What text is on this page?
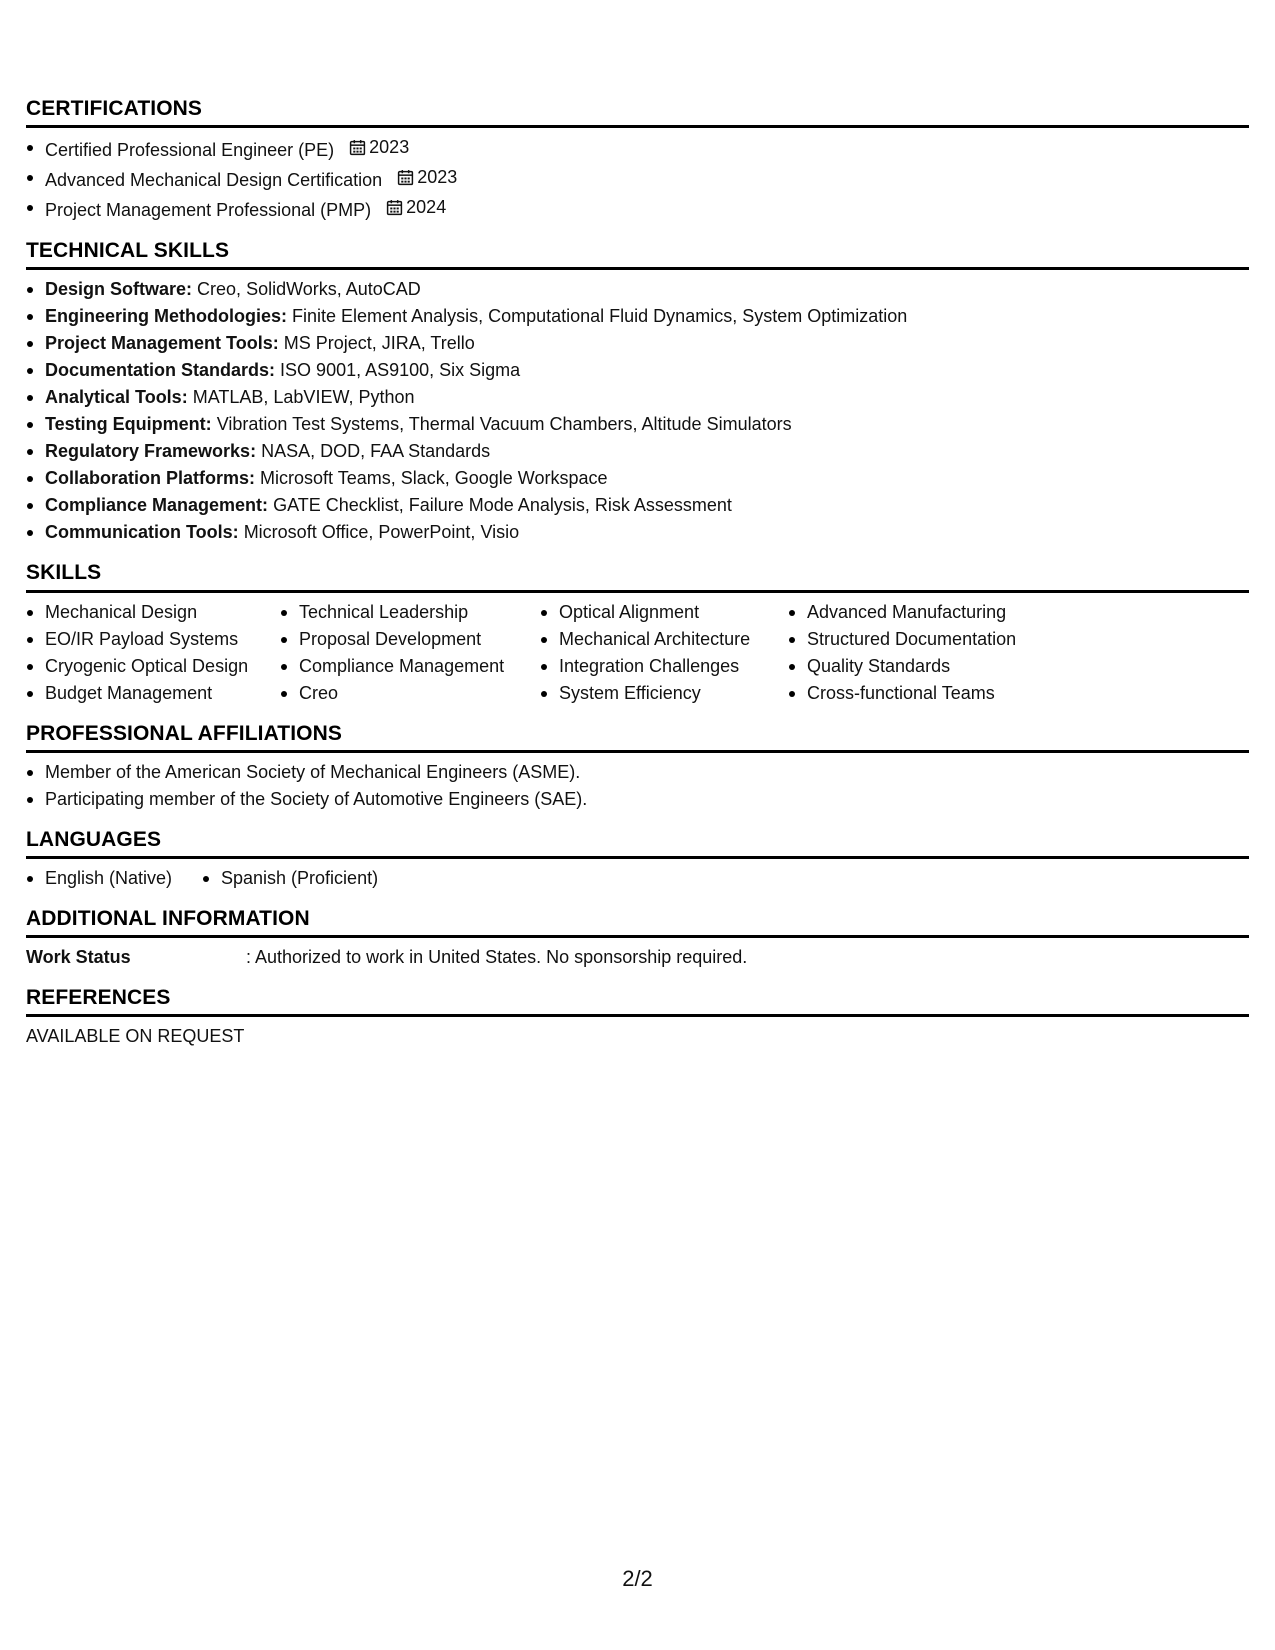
CERTIFICATIONS
Certified Professional Engineer (PE) 2023
Advanced Mechanical Design Certification 2023
Project Management Professional (PMP) 2024
TECHNICAL SKILLS
Design Software: Creo, SolidWorks, AutoCAD
Engineering Methodologies: Finite Element Analysis, Computational Fluid Dynamics, System Optimization
Project Management Tools: MS Project, JIRA, Trello
Documentation Standards: ISO 9001, AS9100, Six Sigma
Analytical Tools: MATLAB, LabVIEW, Python
Testing Equipment: Vibration Test Systems, Thermal Vacuum Chambers, Altitude Simulators
Regulatory Frameworks: NASA, DOD, FAA Standards
Collaboration Platforms: Microsoft Teams, Slack, Google Workspace
Compliance Management: GATE Checklist, Failure Mode Analysis, Risk Assessment
Communication Tools: Microsoft Office, PowerPoint, Visio
SKILLS
Mechanical Design
EO/IR Payload Systems
Cryogenic Optical Design
Budget Management
Technical Leadership
Proposal Development
Compliance Management
Creo
Optical Alignment
Mechanical Architecture
Integration Challenges
System Efficiency
Advanced Manufacturing
Structured Documentation
Quality Standards
Cross-functional Teams
PROFESSIONAL AFFILIATIONS
Member of the American Society of Mechanical Engineers (ASME).
Participating member of the Society of Automotive Engineers (SAE).
LANGUAGES
English (Native)	Spanish (Proficient)
ADDITIONAL INFORMATION
Work Status	: Authorized to work in United States. No sponsorship required.
REFERENCES
AVAILABLE ON REQUEST
2/2
